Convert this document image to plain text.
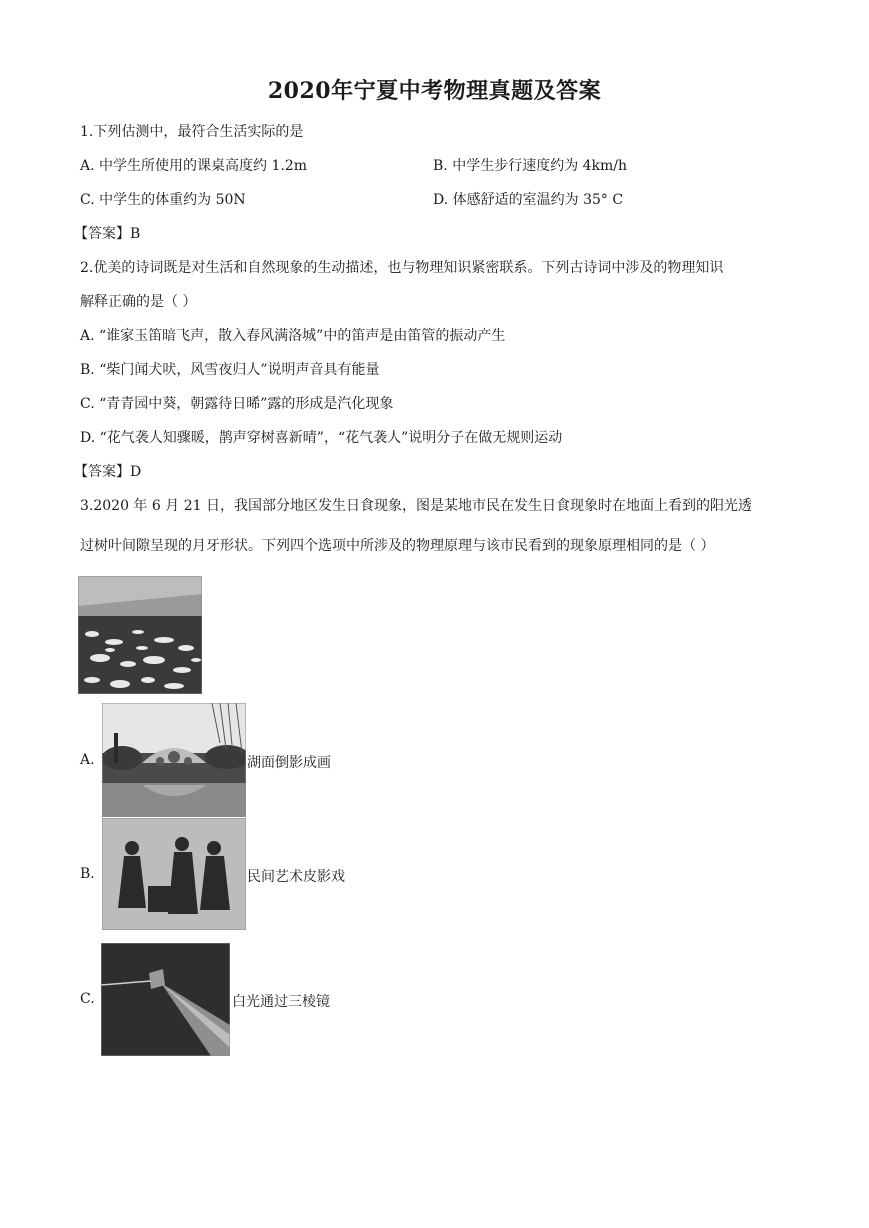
2020年宁夏中考物理真题及答案
1.下列估测中，最符合生活实际的是
A. 中学生所使用的课桌高度约 1.2m	B. 中学生步行速度约为 4km/h
C. 中学生的体重约为 50N	D. 体感舒适的室温约为 35° C
【答案】B
2.优美的诗词既是对生活和自然现象的生动描述，也与物理知识紧密联系。下列古诗词中涉及的物理知识
解释正确的是（ ）
A. “谁家玉笛暗飞声，散入春风满洛城”中的笛声是由笛管的振动产生
B. “柴门闻犬吠，风雪夜归人”说明声音具有能量
C. “青青园中葵，朝露待日晞”露的形成是汽化现象
D. “花气袭人知骤暖，鹊声穿树喜新晴”，“花气袭人”说明分子在做无规则运动
【答案】D
3.2020 年 6 月 21 日，我国部分地区发生日食现象，图是某地市民在发生日食现象时在地面上看到的阳光透
过树叶间隙呈现的月牙形状。下列四个选项中所涉及的物理原理与该市民看到的现象原理相同的是（ ）
A.	湖面倒影成画
B.	民间艺术皮影戏
C.	白光通过三棱镜
